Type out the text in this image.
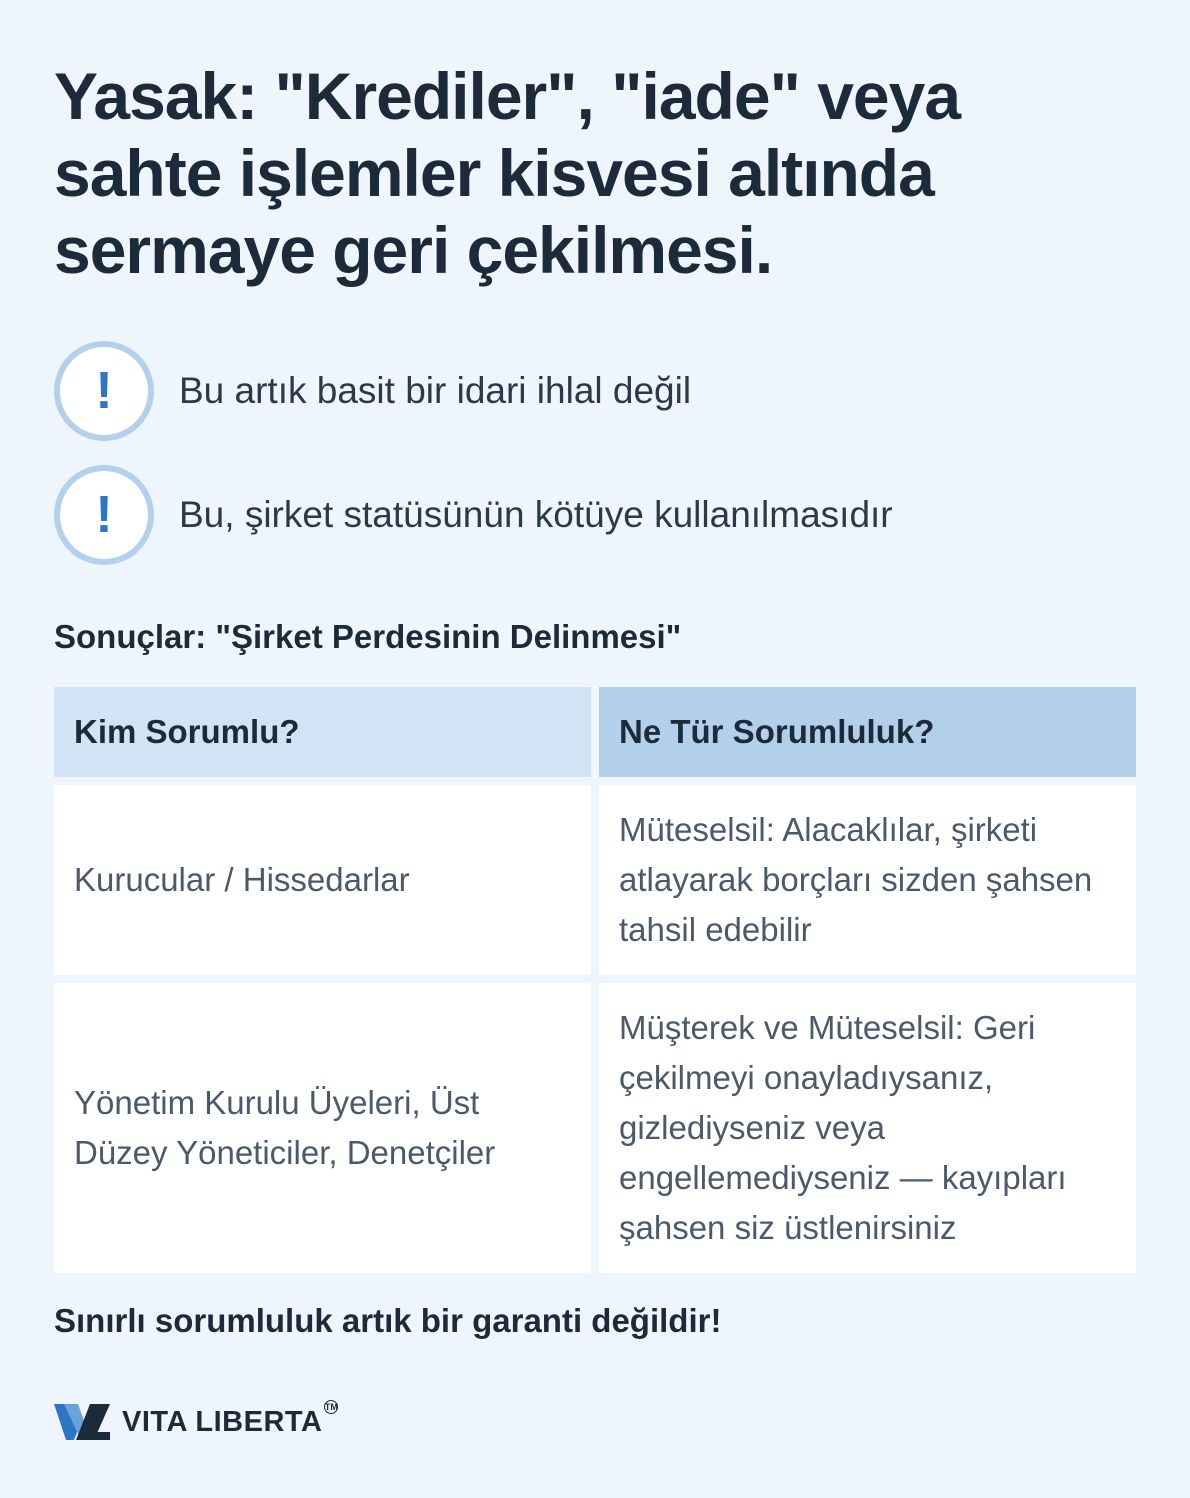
Yasak: "Krediler", "iade" veya sahte işlemler kisvesi altında sermaye geri çekilmesi.
! Bu artık basit bir idari ihlal değil
! Bu, şirket statüsünün kötüye kullanılmasıdır
Sonuçlar: "Şirket Perdesinin Delinmesi"
Kim Sorumlu?	Ne Tür Sorumluluk?
Kurucular / Hissedarlar
Müteselsil: Alacaklılar, şirketi atlayarak borçları sizden şahsen tahsil edebilir
Yönetim Kurulu Üyeleri, Üst Düzey Yöneticiler, Denetçiler
Müşterek ve Müteselsil: Geri çekilmeyi onayladıysanız, gizlediyseniz veya engellemediyseniz — kayıpları şahsen siz üstlenirsiniz
Sınırlı sorumluluk artık bir garanti değildir!
VITA LIBERTA TM
